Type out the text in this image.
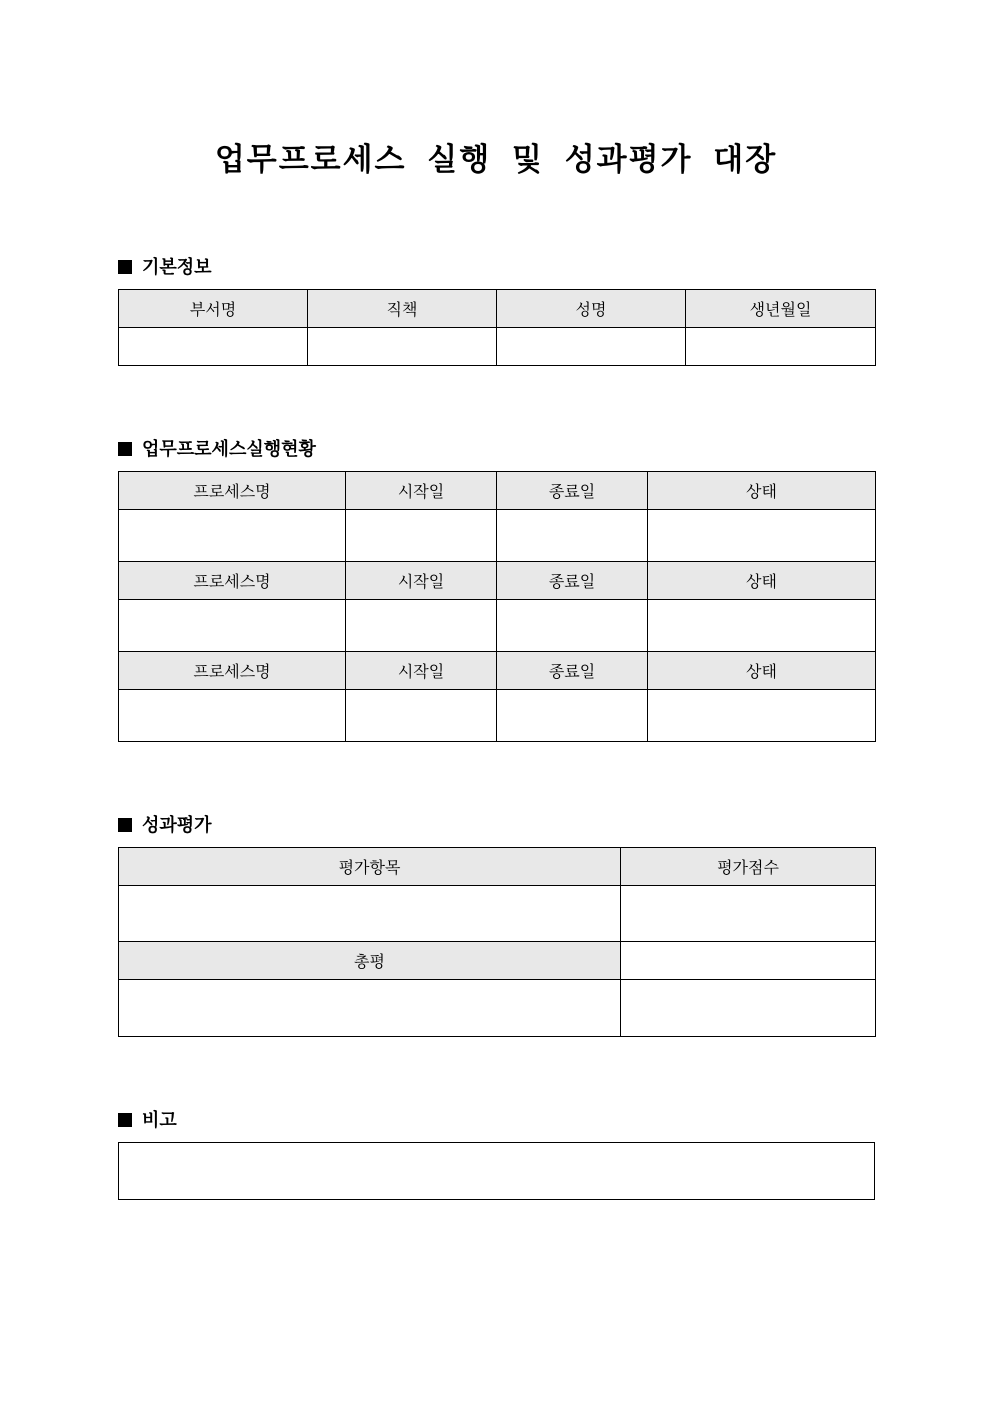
업무프로세스 실행 및 성과평가 대장
기본정보
부서명	직책	성명	생년월일

업무프로세스실행현황
프로세스명	시작일	종료일	상태

프로세스명	시작일	종료일	상태

프로세스명	시작일	종료일	상태

성과평가
평가항목	평가점수

총평	

비고
